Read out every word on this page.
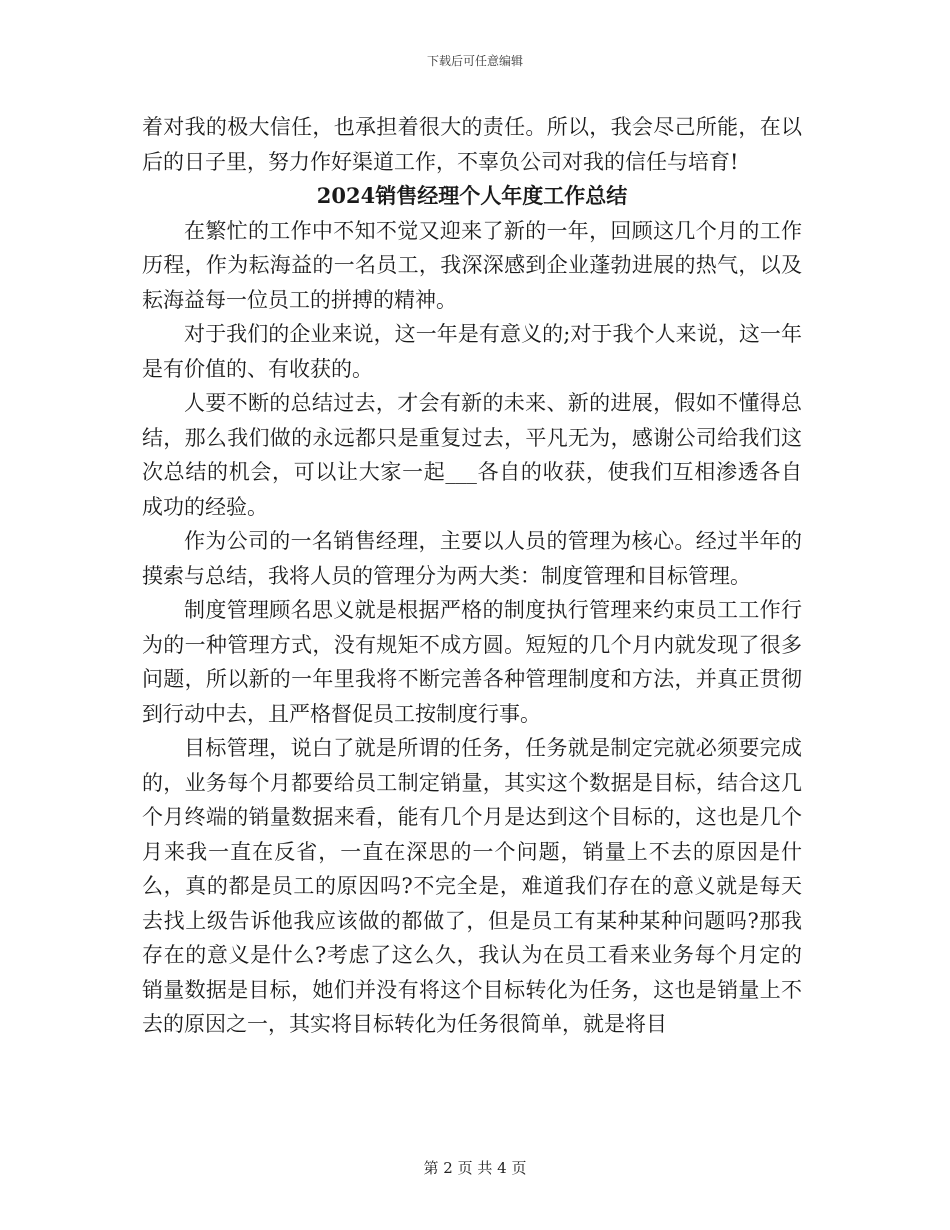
下载后可任意编辑

着对我的极大信任，也承担着很大的责任。所以，我会尽己所能，在以后的日子里，努力作好渠道工作，不辜负公司对我的信任与培育!

2024销售经理个人年度工作总结

在繁忙的工作中不知不觉又迎来了新的一年，回顾这几个月的工作历程，作为耘海益的一名员工，我深深感到企业蓬勃进展的热气，以及耘海益每一位员工的拼搏的精神。

对于我们的企业来说，这一年是有意义的;对于我个人来说，这一年是有价值的、有收获的。

人要不断的总结过去，才会有新的未来、新的进展，假如不懂得总结，那么我们做的永远都只是重复过去，平凡无为，感谢公司给我们这次总结的机会，可以让大家一起___各自的收获，使我们互相渗透各自成功的经验。

作为公司的一名销售经理，主要以人员的管理为核心。经过半年的摸索与总结，我将人员的管理分为两大类：制度管理和目标管理。

制度管理顾名思义就是根据严格的制度执行管理来约束员工工作行为的一种管理方式，没有规矩不成方圆。短短的几个月内就发现了很多问题，所以新的一年里我将不断完善各种管理制度和方法，并真正贯彻到行动中去，且严格督促员工按制度行事。

目标管理，说白了就是所谓的任务，任务就是制定完就必须要完成的，业务每个月都要给员工制定销量，其实这个数据是目标，结合这几个月终端的销量数据来看，能有几个月是达到这个目标的，这也是几个月来我一直在反省，一直在深思的一个问题，销量上不去的原因是什么，真的都是员工的原因吗?不完全是，难道我们存在的意义就是每天去找上级告诉他我应该做的都做了，但是员工有某种某种问题吗?那我存在的意义是什么?考虑了这么久，我认为在员工看来业务每个月定的销量数据是目标，她们并没有将这个目标转化为任务，这也是销量上不去的原因之一，其实将目标转化为任务很简单，就是将目

第 2 页 共 4 页
